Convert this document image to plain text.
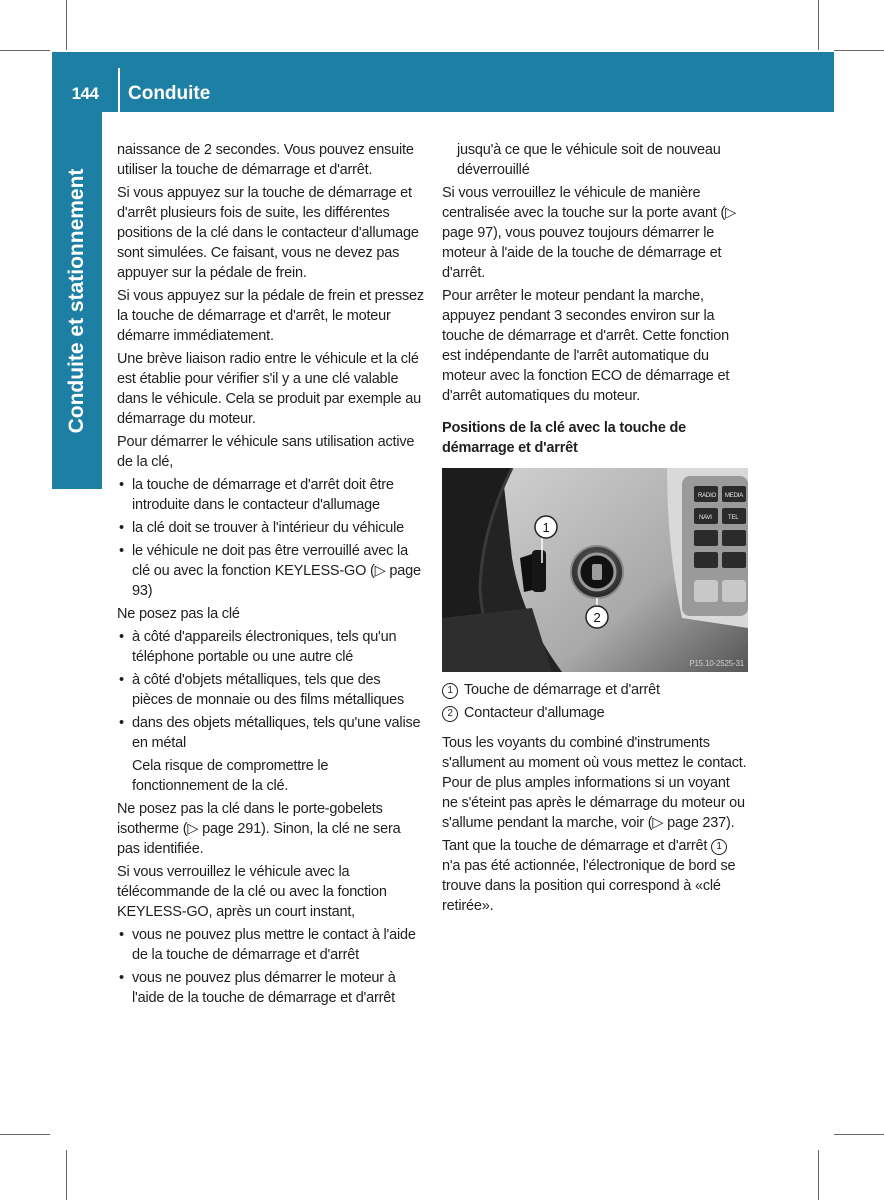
144	Conduite
Conduite et stationnement

naissance de 2 secondes. Vous pouvez ensuite utiliser la touche de démarrage et d'arrêt.

Si vous appuyez sur la touche de démarrage et d'arrêt plusieurs fois de suite, les différentes positions de la clé dans le contacteur d'allumage sont simulées. Ce faisant, vous ne devez pas appuyer sur la pédale de frein.

Si vous appuyez sur la pédale de frein et pressez la touche de démarrage et d'arrêt, le moteur démarre immédiatement.

Une brève liaison radio entre le véhicule et la clé est établie pour vérifier s'il y a une clé valable dans le véhicule. Cela se produit par exemple au démarrage du moteur.

Pour démarrer le véhicule sans utilisation active de la clé,

• la touche de démarrage et d'arrêt doit être introduite dans le contacteur d'allumage
• la clé doit se trouver à l'intérieur du véhicule
• le véhicule ne doit pas être verrouillé avec la clé ou avec la fonction KEYLESS-GO (▷ page 93)

Ne posez pas la clé

• à côté d'appareils électroniques, tels qu'un téléphone portable ou une autre clé
• à côté d'objets métalliques, tels que des pièces de monnaie ou des films métalliques
• dans des objets métalliques, tels qu'une valise en métal

Cela risque de compromettre le fonctionnement de la clé.

Ne posez pas la clé dans le porte-gobelets isotherme (▷ page 291). Sinon, la clé ne sera pas identifiée.

Si vous verrouillez le véhicule avec la télécommande de la clé ou avec la fonction KEYLESS-GO, après un court instant,

• vous ne pouvez plus mettre le contact à l'aide de la touche de démarrage et d'arrêt
• vous ne pouvez plus démarrer le moteur à l'aide de la touche de démarrage et d'arrêt

jusqu'à ce que le véhicule soit de nouveau déverrouillé

Si vous verrouillez le véhicule de manière centralisée avec la touche sur la porte avant (▷ page 97), vous pouvez toujours démarrer le moteur à l'aide de la touche de démarrage et d'arrêt.

Pour arrêter le moteur pendant la marche, appuyez pendant 3 secondes environ sur la touche de démarrage et d'arrêt. Cette fonction est indépendante de l'arrêt automatique du moteur avec la fonction ECO de démarrage et d'arrêt automatiques du moteur.

Positions de la clé avec la touche de démarrage et d'arrêt

RADIO MEDIA
NAVI	TEL
1
2
P15.10-2525-31

1 Touche de démarrage et d'arrêt

2 Contacteur d'allumage

Tous les voyants du combiné d'instruments s'allument au moment où vous mettez le contact. Pour de plus amples informations si un voyant ne s'éteint pas après le démarrage du moteur ou s'allume pendant la marche, voir (▷ page 237).

Tant que la touche de démarrage et d'arrêt 1 n'a pas été actionnée, l'électronique de bord se trouve dans la position qui correspond à «clé retirée».
